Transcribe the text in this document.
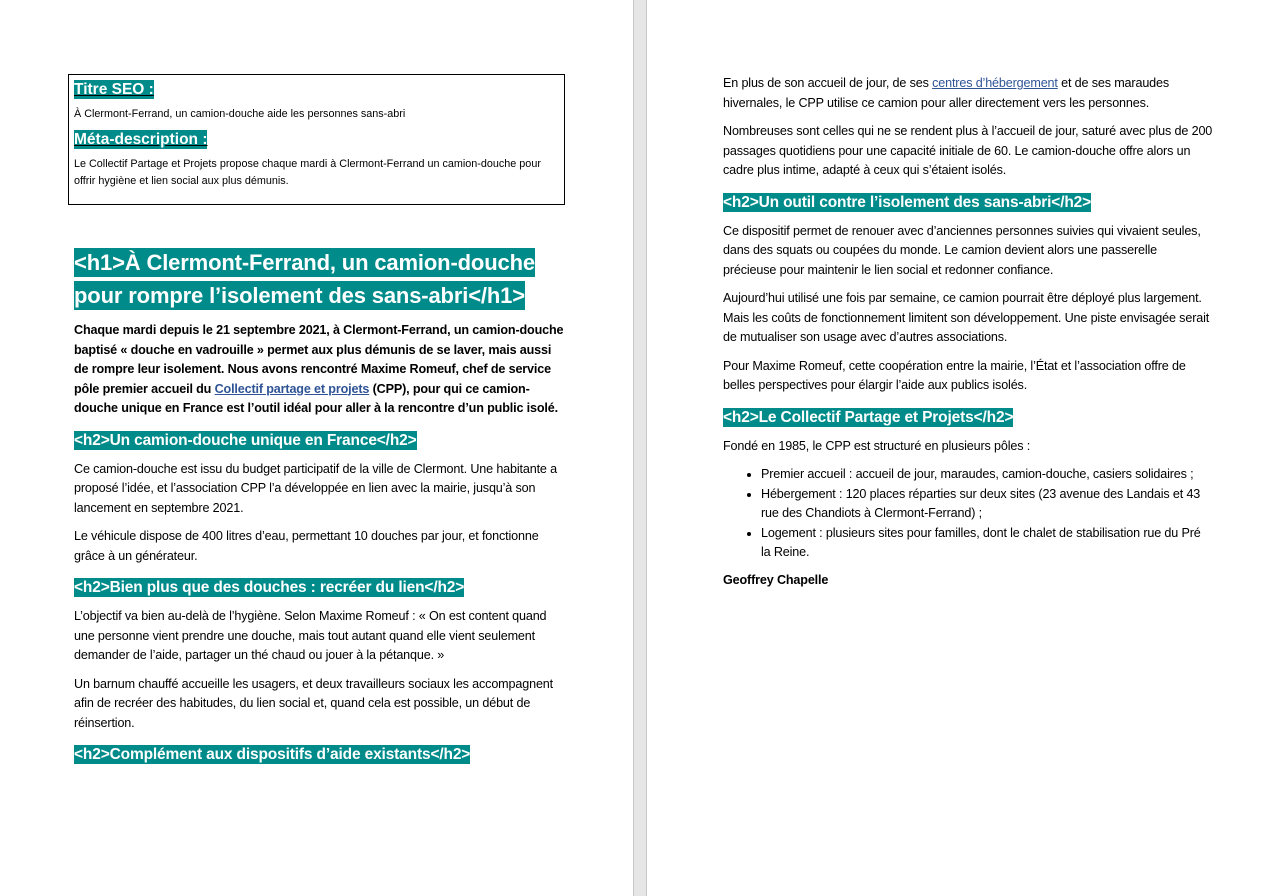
Titre SEO :

À Clermont-Ferrand, un camion-douche aide les personnes sans-abri

Méta-description :

Le Collectif Partage et Projets propose chaque mardi à Clermont-Ferrand un camion-douche pour offrir hygiène et lien social aux plus démunis.

<h1>À Clermont-Ferrand, un camion-douche pour rompre l’isolement des sans-abri</h1>

Chaque mardi depuis le 21 septembre 2021, à Clermont-Ferrand, un camion-douche baptisé « douche en vadrouille » permet aux plus démunis de se laver, mais aussi de rompre leur isolement. Nous avons rencontré Maxime Romeuf, chef de service pôle premier accueil du Collectif partage et projets (CPP), pour qui ce camion-douche unique en France est l’outil idéal pour aller à la rencontre d’un public isolé.

<h2>Un camion-douche unique en France</h2>

Ce camion-douche est issu du budget participatif de la ville de Clermont. Une habitante a proposé l’idée, et l’association CPP l’a développée en lien avec la mairie, jusqu’à son lancement en septembre 2021.

Le véhicule dispose de 400 litres d’eau, permettant 10 douches par jour, et fonctionne grâce à un générateur.

<h2>Bien plus que des douches : recréer du lien</h2>

L’objectif va bien au-delà de l’hygiène. Selon Maxime Romeuf : « On est content quand une personne vient prendre une douche, mais tout autant quand elle vient seulement demander de l’aide, partager un thé chaud ou jouer à la pétanque. »

Un barnum chauffé accueille les usagers, et deux travailleurs sociaux les accompagnent afin de recréer des habitudes, du lien social et, quand cela est possible, un début de réinsertion.

<h2>Complément aux dispositifs d’aide existants</h2>

En plus de son accueil de jour, de ses centres d’hébergement et de ses maraudes hivernales, le CPP utilise ce camion pour aller directement vers les personnes.

Nombreuses sont celles qui ne se rendent plus à l’accueil de jour, saturé avec plus de 200 passages quotidiens pour une capacité initiale de 60. Le camion-douche offre alors un cadre plus intime, adapté à ceux qui s’étaient isolés.

<h2>Un outil contre l’isolement des sans-abri</h2>

Ce dispositif permet de renouer avec d’anciennes personnes suivies qui vivaient seules, dans des squats ou coupées du monde. Le camion devient alors une passerelle précieuse pour maintenir le lien social et redonner confiance.

Aujourd’hui utilisé une fois par semaine, ce camion pourrait être déployé plus largement. Mais les coûts de fonctionnement limitent son développement. Une piste envisagée serait de mutualiser son usage avec d’autres associations.

Pour Maxime Romeuf, cette coopération entre la mairie, l’État et l’association offre de belles perspectives pour élargir l’aide aux publics isolés.

<h2>Le Collectif Partage et Projets</h2>

Fondé en 1985, le CPP est structuré en plusieurs pôles :

• Premier accueil : accueil de jour, maraudes, camion-douche, casiers solidaires ;
• Hébergement : 120 places réparties sur deux sites (23 avenue des Landais et 43 rue des Chandiots à Clermont-Ferrand) ;
• Logement : plusieurs sites pour familles, dont le chalet de stabilisation rue du Pré la Reine.

Geoffrey Chapelle
